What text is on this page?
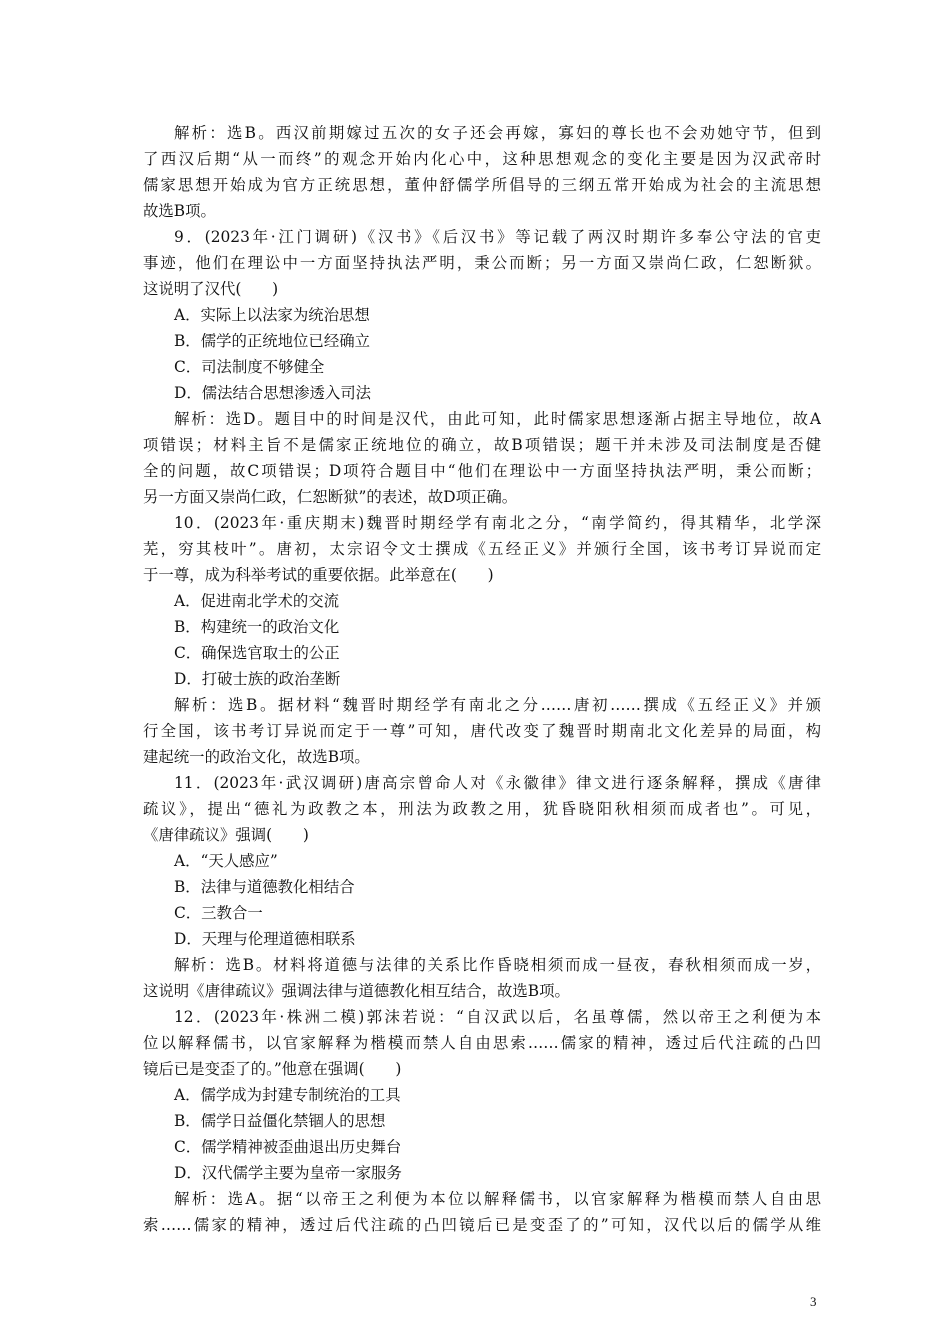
解析：选B。西汉前期嫁过五次的女子还会再嫁，寡妇的尊长也不会劝她守节，但到
了西汉后期“从一而终”的观念开始内化心中，这种思想观念的变化主要是因为汉武帝时
儒家思想开始成为官方正统思想，董仲舒儒学所倡导的三纲五常开始成为社会的主流思想
故选B项。
9．(2023年·江门调研)《汉书》《后汉书》等记载了两汉时期许多奉公守法的官吏
事迹，他们在理讼中一方面坚持执法严明，秉公而断；另一方面又崇尚仁政，仁恕断狱。
这说明了汉代(　　)
A．实际上以法家为统治思想
B．儒学的正统地位已经确立
C．司法制度不够健全
D．儒法结合思想渗透入司法
解析：选D。题目中的时间是汉代，由此可知，此时儒家思想逐渐占据主导地位，故A
项错误；材料主旨不是儒家正统地位的确立，故B项错误；题干并未涉及司法制度是否健
全的问题，故C项错误；D项符合题目中“他们在理讼中一方面坚持执法严明，秉公而断；
另一方面又崇尚仁政，仁恕断狱”的表述，故D项正确。
10．(2023年·重庆期末)魏晋时期经学有南北之分，“南学简约，得其精华，北学深
芜，穷其枝叶”。唐初，太宗诏令文士撰成《五经正义》并颁行全国，该书考订异说而定
于一尊，成为科举考试的重要依据。此举意在(　　)
A．促进南北学术的交流
B．构建统一的政治文化
C．确保选官取士的公正
D．打破士族的政治垄断
解析：选B。据材料“魏晋时期经学有南北之分……唐初……撰成《五经正义》并颁
行全国，该书考订异说而定于一尊”可知，唐代改变了魏晋时期南北文化差异的局面，构
建起统一的政治文化，故选B项。
11．(2023年·武汉调研)唐高宗曾命人对《永徽律》律文进行逐条解释，撰成《唐律
疏议》，提出“德礼为政教之本，刑法为政教之用，犹昏晓阳秋相须而成者也”。可见，
《唐律疏议》强调(　　)
A．“天人感应”
B．法律与道德教化相结合
C．三教合一
D．天理与伦理道德相联系
解析：选B。材料将道德与法律的关系比作昏晓相须而成一昼夜，春秋相须而成一岁，
这说明《唐律疏议》强调法律与道德教化相互结合，故选B项。
12．(2023年·株洲二模)郭沫若说：“自汉武以后，名虽尊儒，然以帝王之利便为本
位以解释儒书，以官家解释为楷模而禁人自由思索……儒家的精神，透过后代注疏的凸凹
镜后已是变歪了的。”他意在强调(　　)
A．儒学成为封建专制统治的工具
B．儒学日益僵化禁锢人的思想
C．儒学精神被歪曲退出历史舞台
D．汉代儒学主要为皇帝一家服务
解析：选A。据“以帝王之利便为本位以解释儒书，以官家解释为楷模而禁人自由思
索……儒家的精神，透过后代注疏的凸凹镜后已是变歪了的”可知，汉代以后的儒学从维
3
